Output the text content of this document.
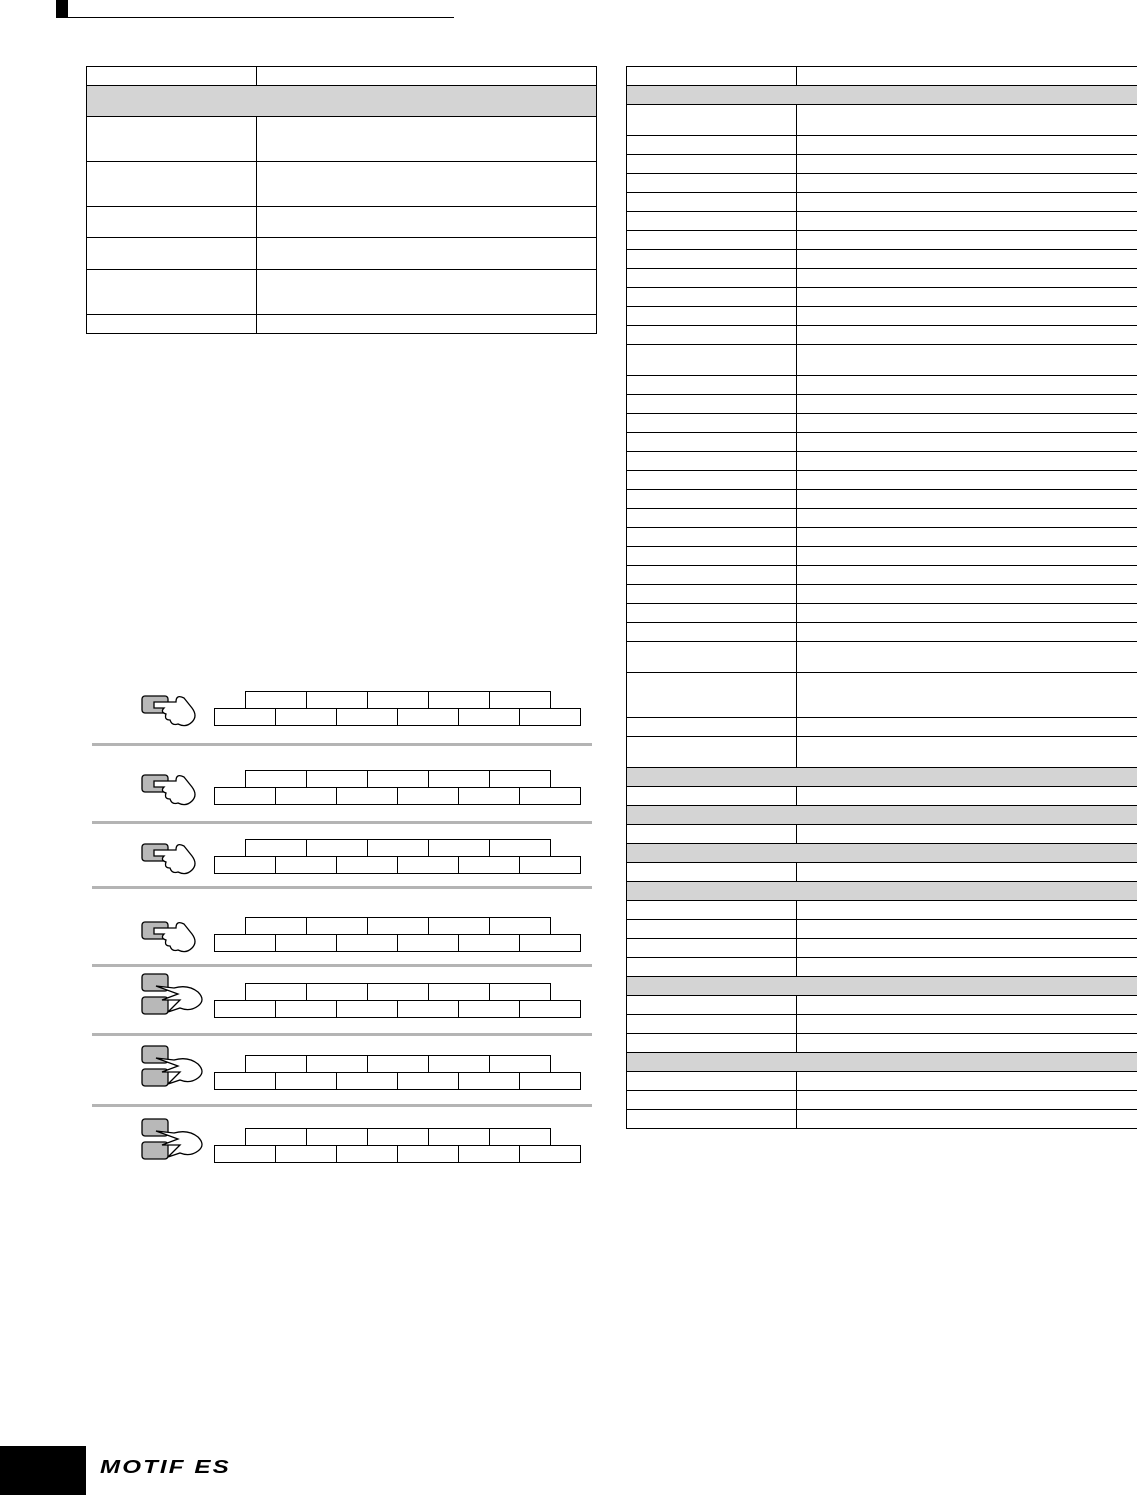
MOTIF ES
